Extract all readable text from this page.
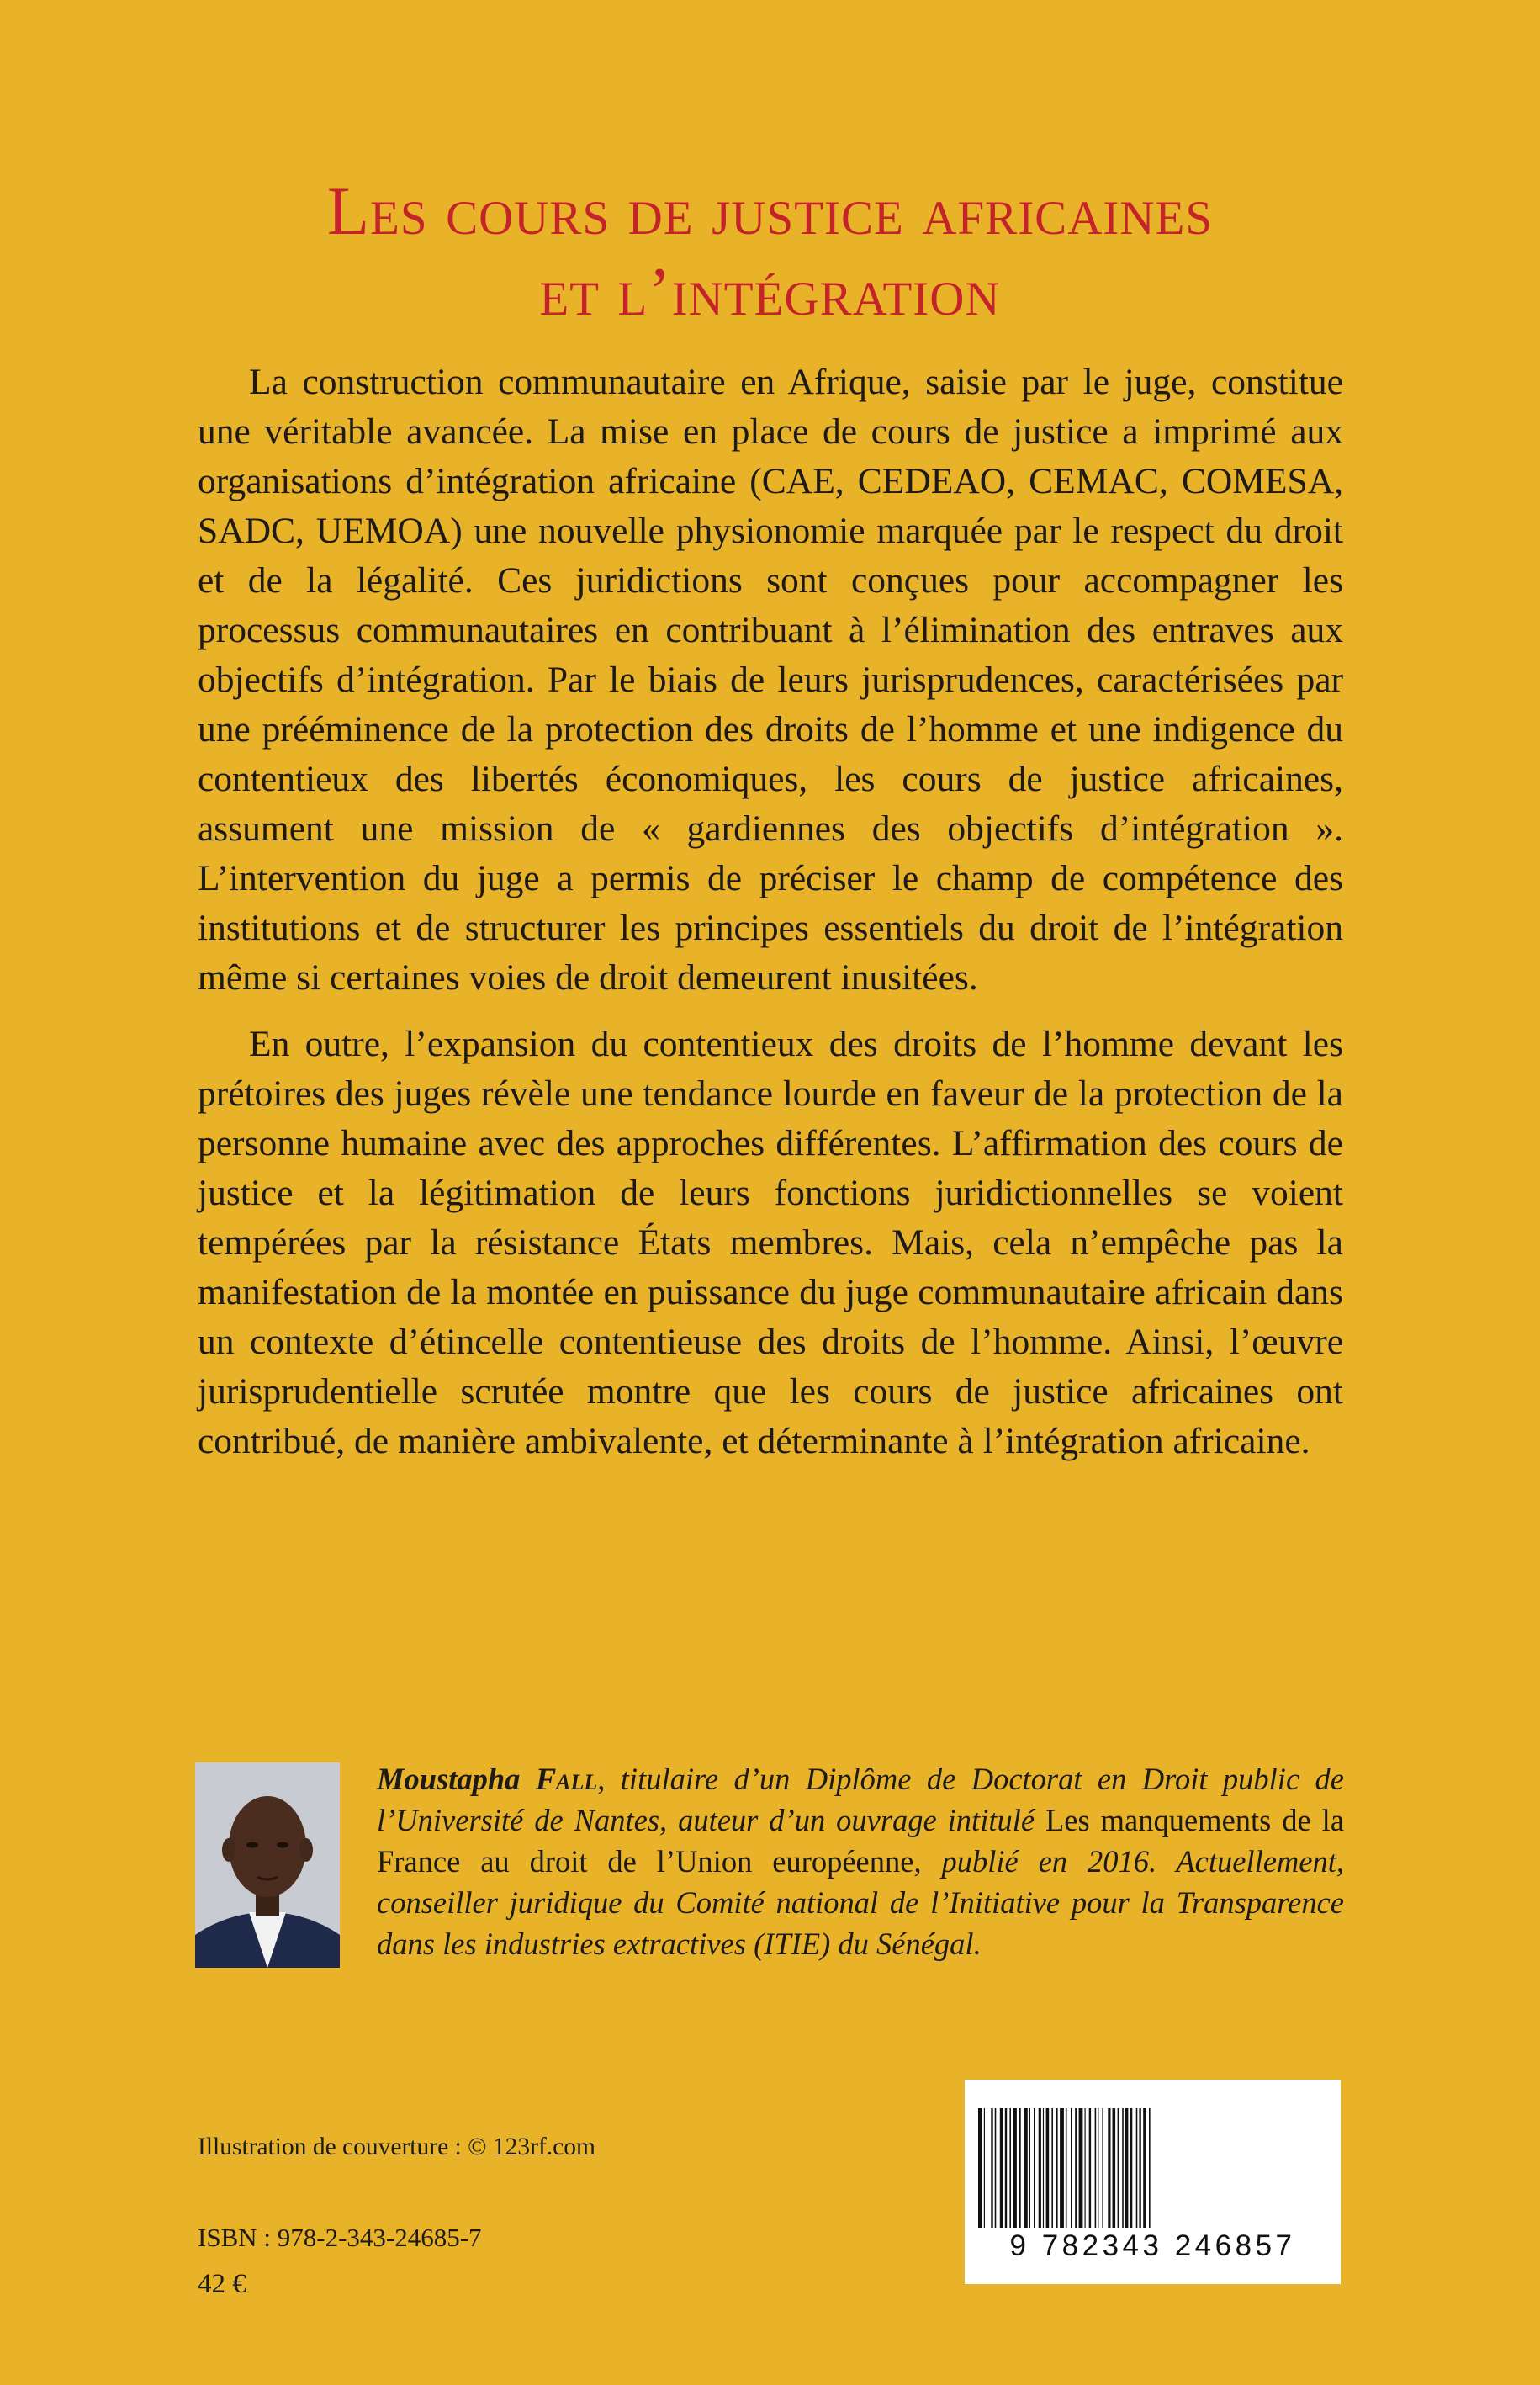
Les cours de justice africaines
et l’intégration

La construction communautaire en Afrique, saisie par le juge, constitue une véritable avancée. La mise en place de cours de justice a imprimé aux organisations d’intégration africaine (CAE, CEDEAO, CEMAC, COMESA, SADC, UEMOA) une nouvelle physionomie marquée par le respect du droit et de la légalité. Ces juridictions sont conçues pour accompagner les processus communautaires en contribuant à l’élimination des entraves aux objectifs d’intégration. Par le biais de leurs jurisprudences, caractérisées par une prééminence de la protection des droits de l’homme et une indigence du contentieux des libertés économiques, les cours de justice africaines, assument une mission de « gardiennes des objectifs d’intégration ». L’intervention du juge a permis de préciser le champ de compétence des institutions et de structurer les principes essentiels du droit de l’intégration même si certaines voies de droit demeurent inusitées.

En outre, l’expansion du contentieux des droits de l’homme devant les prétoires des juges révèle une tendance lourde en faveur de la protection de la personne humaine avec des approches différentes. L’affirmation des cours de justice et la légitimation de leurs fonctions juridictionnelles se voient tempérées par la résistance États membres. Mais, cela n’empêche pas la manifestation de la montée en puissance du juge communautaire africain dans un contexte d’étincelle contentieuse des droits de l’homme. Ainsi, l’œuvre jurisprudentielle scrutée montre que les cours de justice africaines ont contribué, de manière ambivalente, et déterminante à l’intégration africaine.

Moustapha Fall, titulaire d’un Diplôme de Doctorat en Droit public de l’Université de Nantes, auteur d’un ouvrage intitulé Les manquements de la France au droit de l’Union européenne, publié en 2016. Actuellement, conseiller juridique du Comité national de l’Initiative pour la Transparence dans les industries extractives (ITIE) du Sénégal.
Illustration de couverture : © 123rf.com
ISBN : 978-2-343-24685-7
42 €
9 782343 246857
